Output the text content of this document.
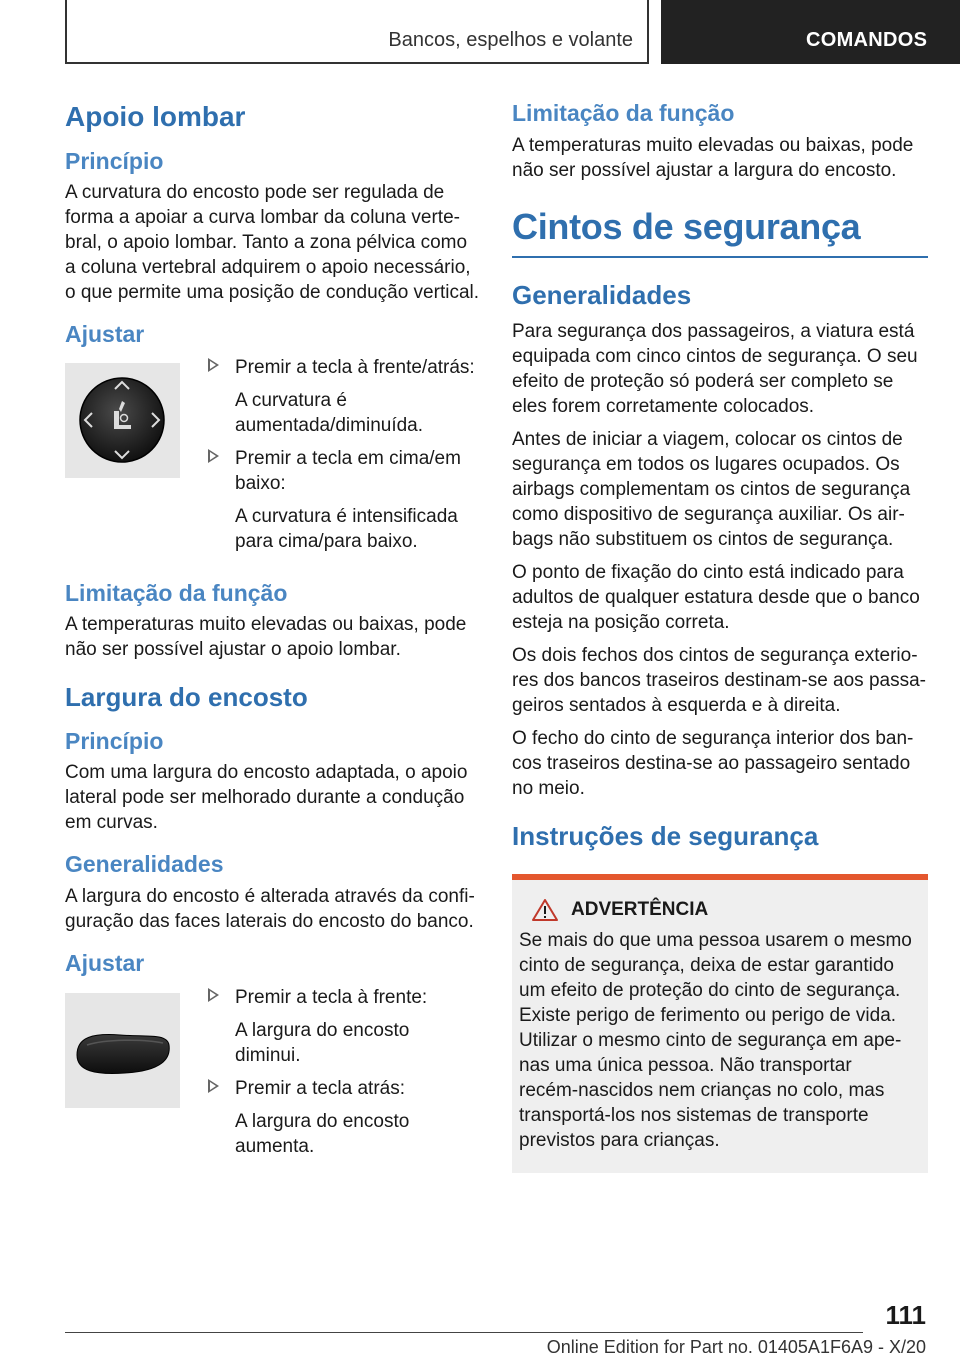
Bancos, espelhos e volante	COMANDOS
Apoio lombar
Princípio
A curvatura do encosto pode ser regulada de forma a apoiar a curva lombar da coluna vertebral, o apoio lombar. Tanto a zona pélvica como a coluna vertebral adquirem o apoio necessário, o que permite uma posição de condução vertical.
Ajustar
Premir a tecla à frente/atrás:
A curvatura é aumentada/diminuída.
Premir a tecla em cima/em baixo:
A curvatura é intensificada para cima/para baixo.
Limitação da função
A temperaturas muito elevadas ou baixas, pode não ser possível ajustar o apoio lombar.
Largura do encosto
Princípio
Com uma largura do encosto adaptada, o apoio lateral pode ser melhorado durante a condução em curvas.
Generalidades
A largura do encosto é alterada através da configuração das faces laterais do encosto do banco.
Ajustar
Premir a tecla à frente:
A largura do encosto diminui.
Premir a tecla atrás:
A largura do encosto aumenta.
Limitação da função
A temperaturas muito elevadas ou baixas, pode não ser possível ajustar a largura do encosto.
Cintos de segurança
Generalidades
Para segurança dos passageiros, a viatura está equipada com cinco cintos de segurança. O seu efeito de proteção só poderá ser completo se eles forem corretamente colocados.
Antes de iniciar a viagem, colocar os cintos de segurança em todos os lugares ocupados. Os airbags complementam os cintos de segurança como dispositivo de segurança auxiliar. Os airbags não substituem os cintos de segurança.
O ponto de fixação do cinto está indicado para adultos de qualquer estatura desde que o banco esteja na posição correta.
Os dois fechos dos cintos de segurança exteriores dos bancos traseiros destinam-se aos passageiros sentados à esquerda e à direita.
O fecho do cinto de segurança interior dos bancos traseiros destina-se ao passageiro sentado no meio.
Instruções de segurança
ADVERTÊNCIA
Se mais do que uma pessoa usarem o mesmo cinto de segurança, deixa de estar garantido um efeito de proteção do cinto de segurança. Existe perigo de ferimento ou perigo de vida. Utilizar o mesmo cinto de segurança em apenas uma única pessoa. Não transportar recém-nascidos nem crianças no colo, mas transportá-los nos sistemas de transporte previstos para crianças.
111
Online Edition for Part no. 01405A1F6A9 - X/20
